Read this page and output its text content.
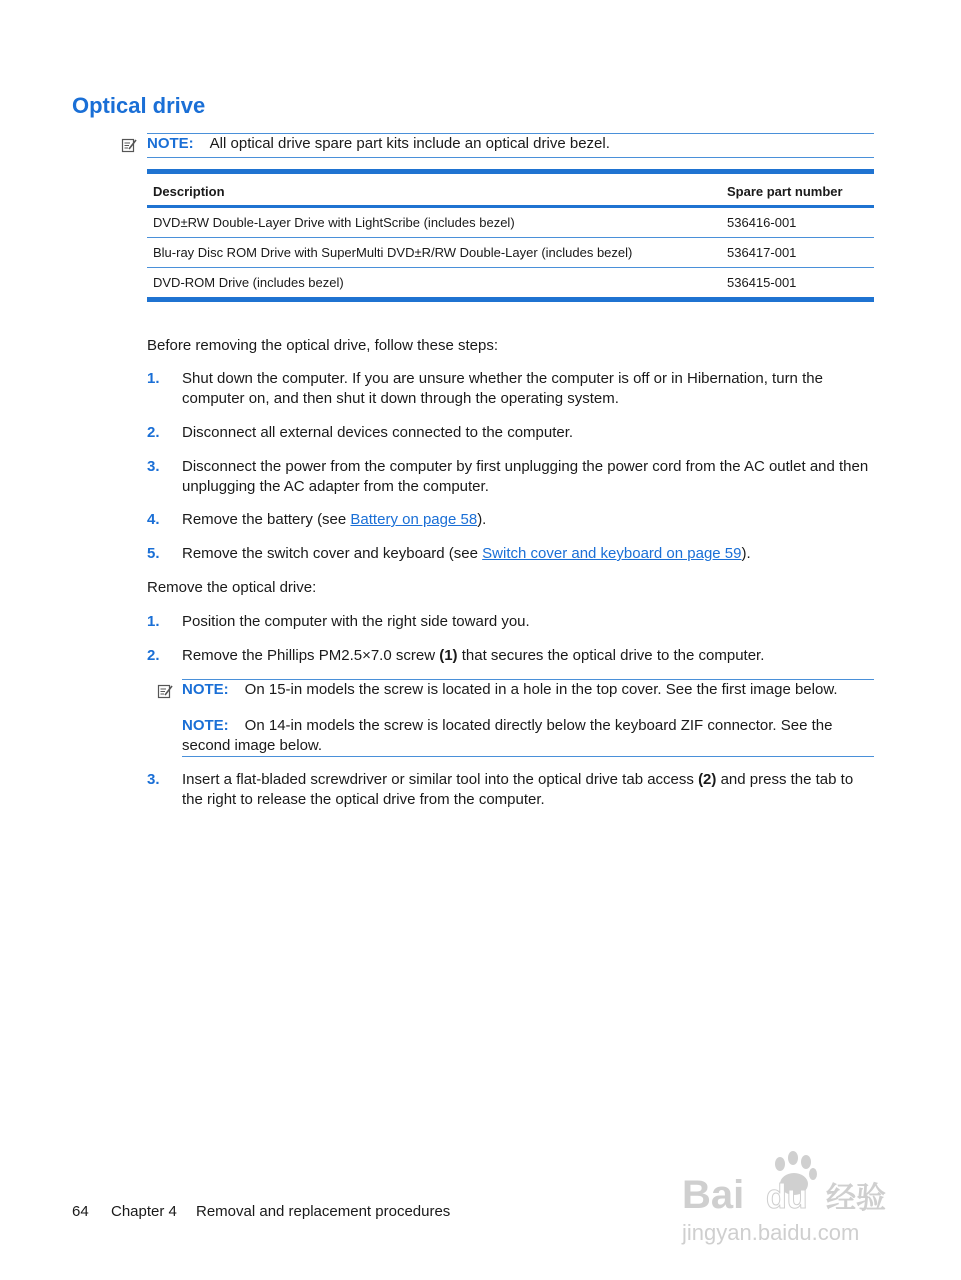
Optical drive
NOTE: All optical drive spare part kits include an optical drive bezel.
Description	Spare part number
DVD±RW Double-Layer Drive with LightScribe (includes bezel)	536416-001
Blu-ray Disc ROM Drive with SuperMulti DVD±R/RW Double-Layer (includes bezel)	536417-001
DVD-ROM Drive (includes bezel)	536415-001
Before removing the optical drive, follow these steps:
1. Shut down the computer. If you are unsure whether the computer is off or in Hibernation, turn the computer on, and then shut it down through the operating system.
2. Disconnect all external devices connected to the computer.
3. Disconnect the power from the computer by first unplugging the power cord from the AC outlet and then unplugging the AC adapter from the computer.
4. Remove the battery (see Battery on page 58).
5. Remove the switch cover and keyboard (see Switch cover and keyboard on page 59).
Remove the optical drive:
1. Position the computer with the right side toward you.
2. Remove the Phillips PM2.5×7.0 screw (1) that secures the optical drive to the computer.
NOTE: On 15-in models the screw is located in a hole in the top cover. See the first image below.
NOTE: On 14-in models the screw is located directly below the keyboard ZIF connector. See the second image below.
3. Insert a flat-bladed screwdriver or similar tool into the optical drive tab access (2) and press the tab to the right to release the optical drive from the computer.
64 Chapter 4 Removal and replacement procedures	Bai du 经验
jingyan.baidu.com
